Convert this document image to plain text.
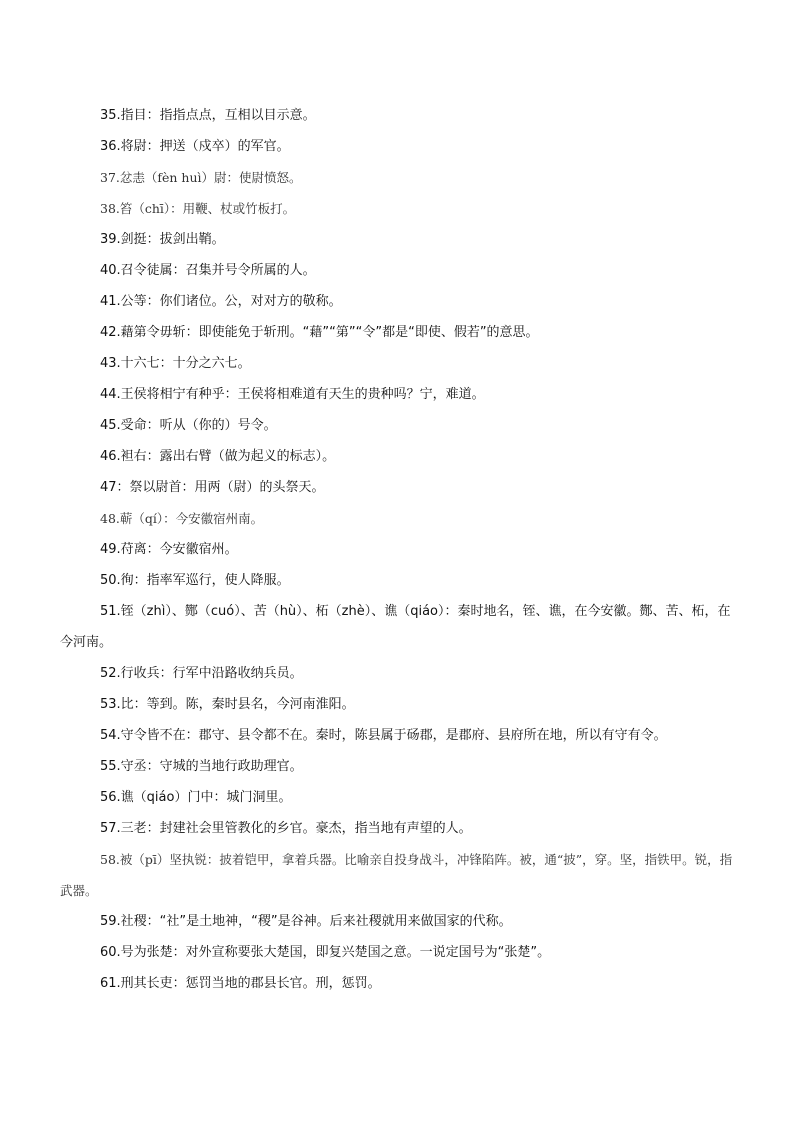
35.指目：指指点点，互相以目示意。
36.将尉：押送（戍卒）的军官。
37.忿恚（fèn huì）尉：使尉愤怒。
38.笞（chī）：用鞭、杖或竹板打。
39.剑挺：拔剑出鞘。
40.召令徒属：召集并号令所属的人。
41.公等：你们诸位。公，对对方的敬称。
42.藉第令毋斩：即使能免于斩刑。“藉”“第”“令”都是“即使、假若”的意思。
43.十六七：十分之六七。
44.王侯将相宁有种乎：王侯将相难道有天生的贵种吗？宁，难道。
45.受命：听从（你的）号令。
46.袒右：露出右臂（做为起义的标志）。
47：祭以尉首：用两（尉）的头祭天。
48.蕲（qí）：今安徽宿州南。
49.苻离：今安徽宿州。
50.徇：指率军巡行，使人降服。
51.铚（zhì）、酂（cuó）、苦（hù）、柘（zhè）、谯（qiáo）：秦时地名，铚、谯，在今安徽。酂、苦、柘，在今河南。
52.行收兵：行军中沿路收纳兵员。
53.比：等到。陈，秦时县名，今河南淮阳。
54.守令皆不在：郡守、县令都不在。秦时，陈县属于砀郡，是郡府、县府所在地，所以有守有令。
55.守丞：守城的当地行政助理官。
56.谯（qiáo）门中：城门洞里。
57.三老：封建社会里管教化的乡官。豪杰，指当地有声望的人。
58.被（pī）坚执锐：披着铠甲，拿着兵器。比喻亲自投身战斗，冲锋陷阵。被，通“披”，穿。坚，指铁甲。锐，指武器。
59.社稷：“社”是土地神，“稷”是谷神。后来社稷就用来做国家的代称。
60.号为张楚：对外宣称要张大楚国，即复兴楚国之意。一说定国号为“张楚”。
61.刑其长吏：惩罚当地的郡县长官。刑，惩罚。
